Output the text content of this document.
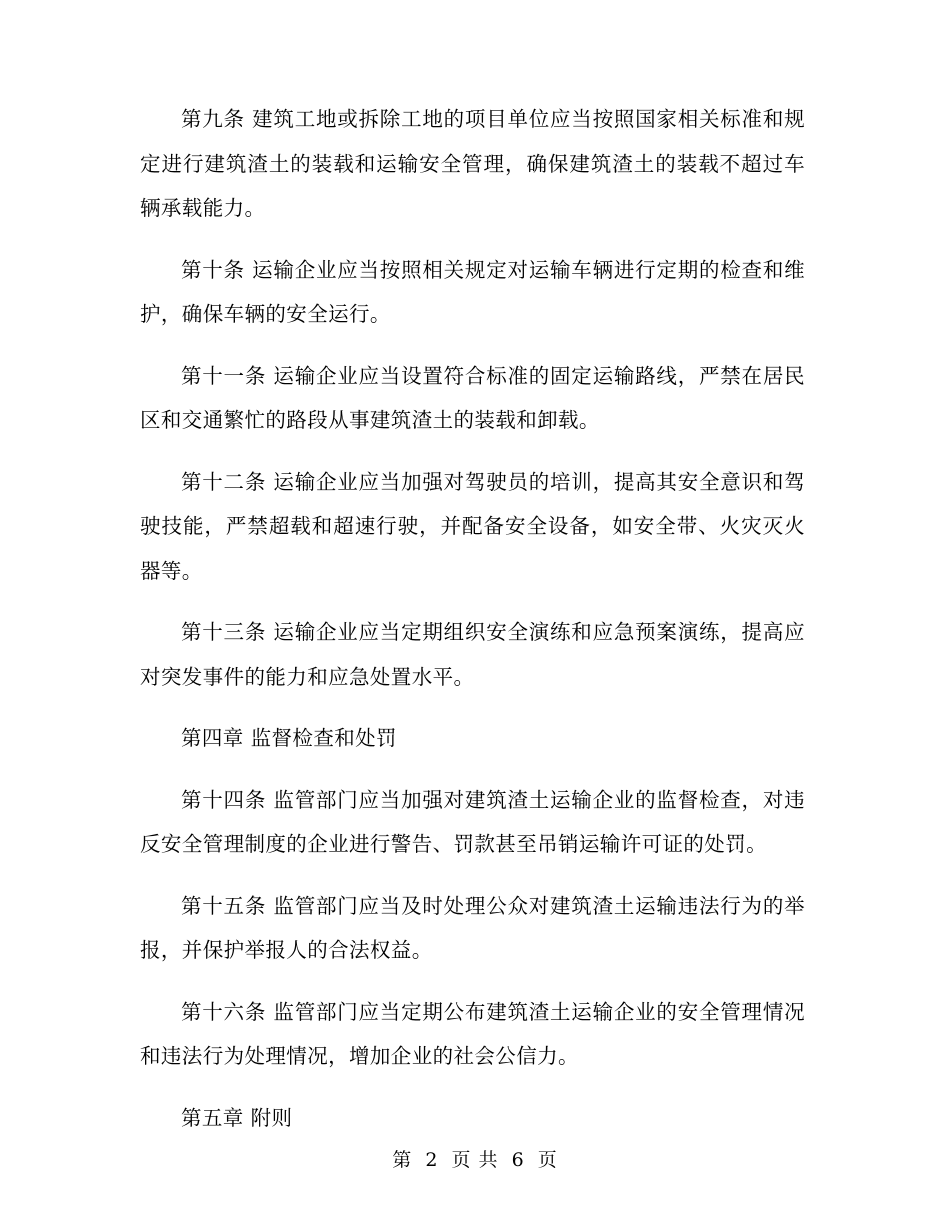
第九条 建筑工地或拆除工地的项目单位应当按照国家相关标准和规定进行建筑渣土的装载和运输安全管理，确保建筑渣土的装载不超过车辆承载能力。

第十条 运输企业应当按照相关规定对运输车辆进行定期的检查和维护，确保车辆的安全运行。

第十一条 运输企业应当设置符合标准的固定运输路线，严禁在居民区和交通繁忙的路段从事建筑渣土的装载和卸载。

第十二条 运输企业应当加强对驾驶员的培训，提高其安全意识和驾驶技能，严禁超载和超速行驶，并配备安全设备，如安全带、火灾灭火器等。

第十三条 运输企业应当定期组织安全演练和应急预案演练，提高应对突发事件的能力和应急处置水平。

第四章 监督检查和处罚

第十四条 监管部门应当加强对建筑渣土运输企业的监督检查，对违反安全管理制度的企业进行警告、罚款甚至吊销运输许可证的处罚。

第十五条 监管部门应当及时处理公众对建筑渣土运输违法行为的举报，并保护举报人的合法权益。

第十六条 监管部门应当定期公布建筑渣土运输企业的安全管理情况和违法行为处理情况，增加企业的社会公信力。

第五章 附则

第 2 页 共 6 页
